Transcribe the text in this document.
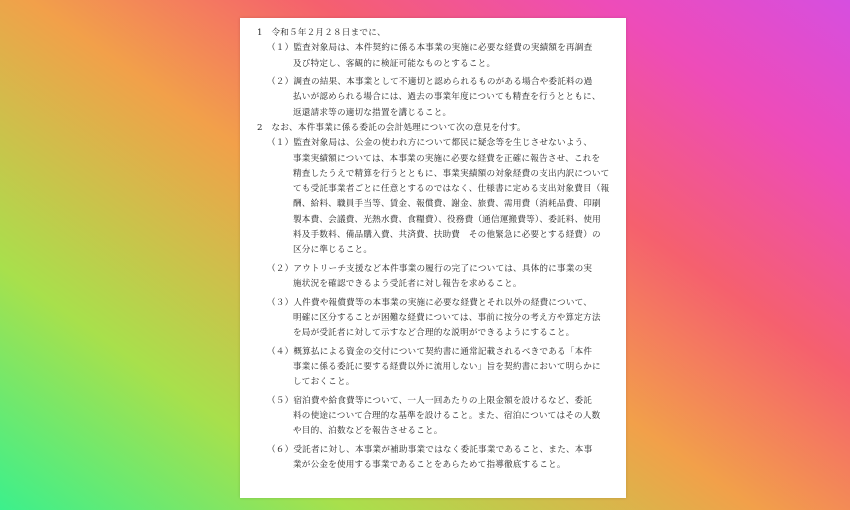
1　令和５年２月２８日までに、
（１）監査対象局は、本件契約に係る本事業の実施に必要な経費の実績額を再調査
及び特定し、客観的に検証可能なものとすること。
（２）調査の結果、本事業として不適切と認められるものがある場合や委託料の過
払いが認められる場合には、過去の事業年度についても精査を行うとともに、
返還請求等の適切な措置を講じること。
2　なお、本件事業に係る委託の会計処理について次の意見を付す。
（１）監査対象局は、公金の使われ方について都民に疑念等を生じさせないよう、
事業実績額については、本事業の実施に必要な経費を正確に報告させ、これを
精査したうえで精算を行うとともに、事業実績額の対象経費の支出内訳について
ても受託事業者ごとに任意とするのではなく、仕様書に定める支出対象費目（報
酬、給料、職員手当等、賃金、報償費、謝金、旅費、需用費（消耗品費、印刷
製本費、会議費、光熱水費、食糧費）、役務費（通信運搬費等）、委託料、使用
料及手数料、備品購入費、共済費、扶助費　その他緊急に必要とする経費）の
区分に準じること。
（２）アウトリーチ支援など本件事業の履行の完了については、具体的に事業の実
施状況を確認できるよう受託者に対し報告を求めること。
（３）人件費や報償費等の本事業の実施に必要な経費とそれ以外の経費について、
明確に区分することが困難な経費については、事前に按分の考え方や算定方法
を局が受託者に対して示すなど合理的な説明ができるようにすること。
（４）概算払による資金の交付について契約書に通常記載されるべきである「本件
事業に係る委託に要する経費以外に流用しない」旨を契約書において明らかに
しておくこと。
（５）宿泊費や給食費等について、一人一回あたりの上限金額を設けるなど、委託
料の使途について合理的な基準を設けること。また、宿泊についてはその人数
や目的、泊数などを報告させること。
（６）受託者に対し、本事業が補助事業ではなく委託事業であること、また、本事
業が公金を使用する事業であることをあらためて指導徹底すること。
